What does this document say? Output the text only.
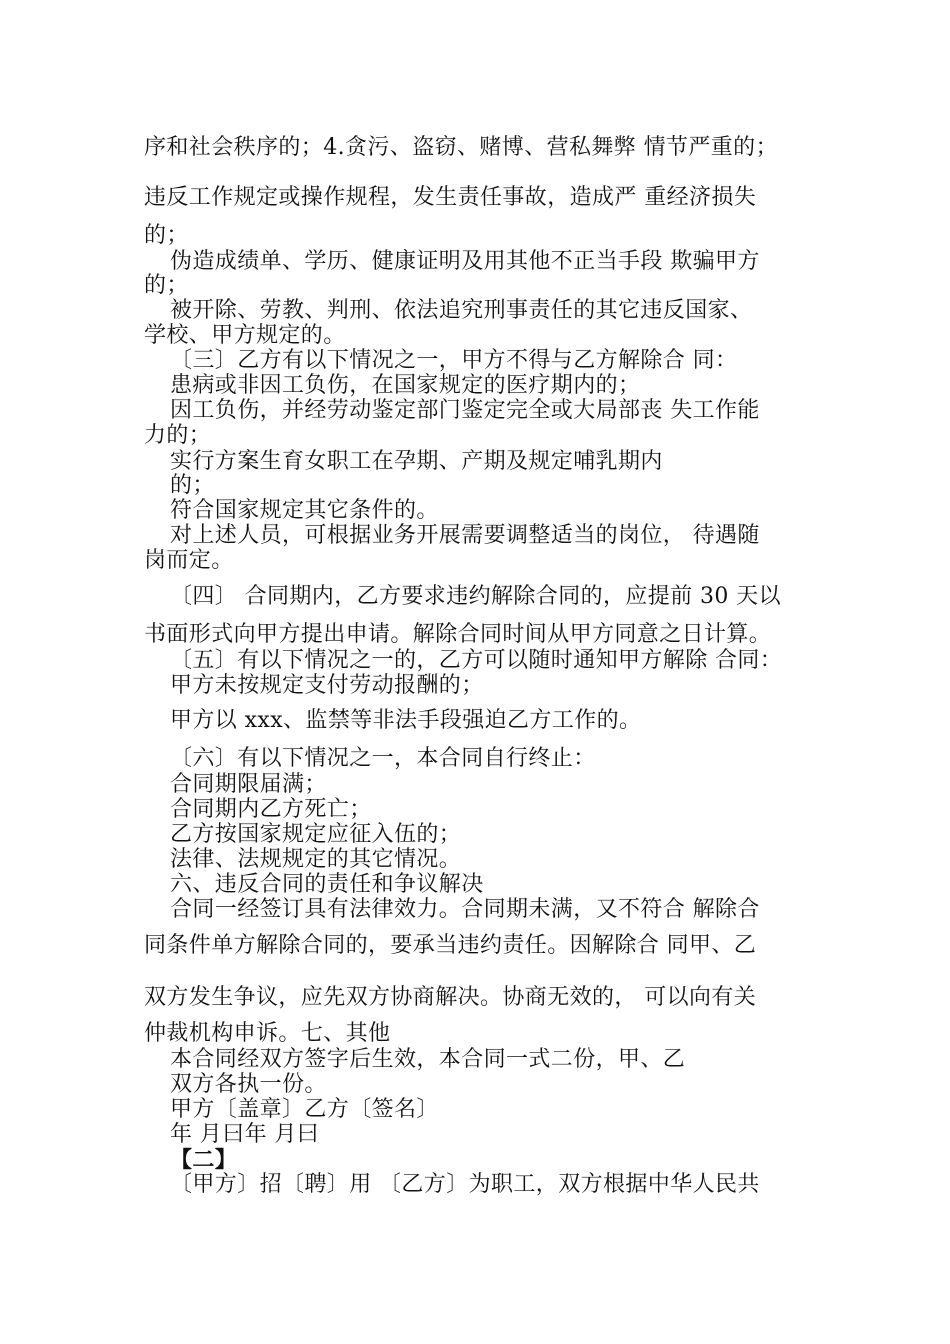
序和社会秩序的；4.贪污、盗窃、赌博、营私舞弊 情节严重的；

违反工作规定或操作规程，发生责任事故，造成严 重经济损失

的；

伪造成绩单、学历、健康证明及用其他不正当手段 欺骗甲方

的；

被开除、劳教、判刑、依法追究刑事责任的其它违反国家、

学校、甲方规定的。

〔三〕乙方有以下情况之一，甲方不得与乙方解除合 同：

患病或非因工负伤，在国家规定的医疗期内的；

因工负伤，并经劳动鉴定部门鉴定完全或大局部丧 失工作能

力的；

实行方案生育女职工在孕期、产期及规定哺乳期内

的；

符合国家规定其它条件的。

对上述人员，可根据业务开展需要调整适当的岗位， 待遇随

岗而定。

〔四〕 合同期内，乙方要求违约解除合同的，应提前 30 天以

书面形式向甲方提出申请。解除合同时间从甲方同意之日计算。

〔五〕有以下情况之一的，乙方可以随时通知甲方解除 合同：

甲方未按规定支付劳动报酬的；

甲方以 xxx、监禁等非法手段强迫乙方工作的。

〔六〕有以下情况之一，本合同自行终止：

合同期限届满；

合同期内乙方死亡；

乙方按国家规定应征入伍的；

法律、法规规定的其它情况。

六、违反合同的责任和争议解决

合同一经签订具有法律效力。合同期未满，又不符合 解除合

同条件单方解除合同的，要承当违约责任。因解除合 同甲、乙

双方发生争议，应先双方协商解决。协商无效的， 可以向有关

仲裁机构申诉。七、其他

本合同经双方签字后生效，本合同一式二份，甲、乙

双方各执一份。

甲方〔盖章〕乙方〔签名〕

年 月曰年 月曰

【二】

〔甲方〕招〔聘〕用 〔乙方〕为职工，双方根据中华人民共
